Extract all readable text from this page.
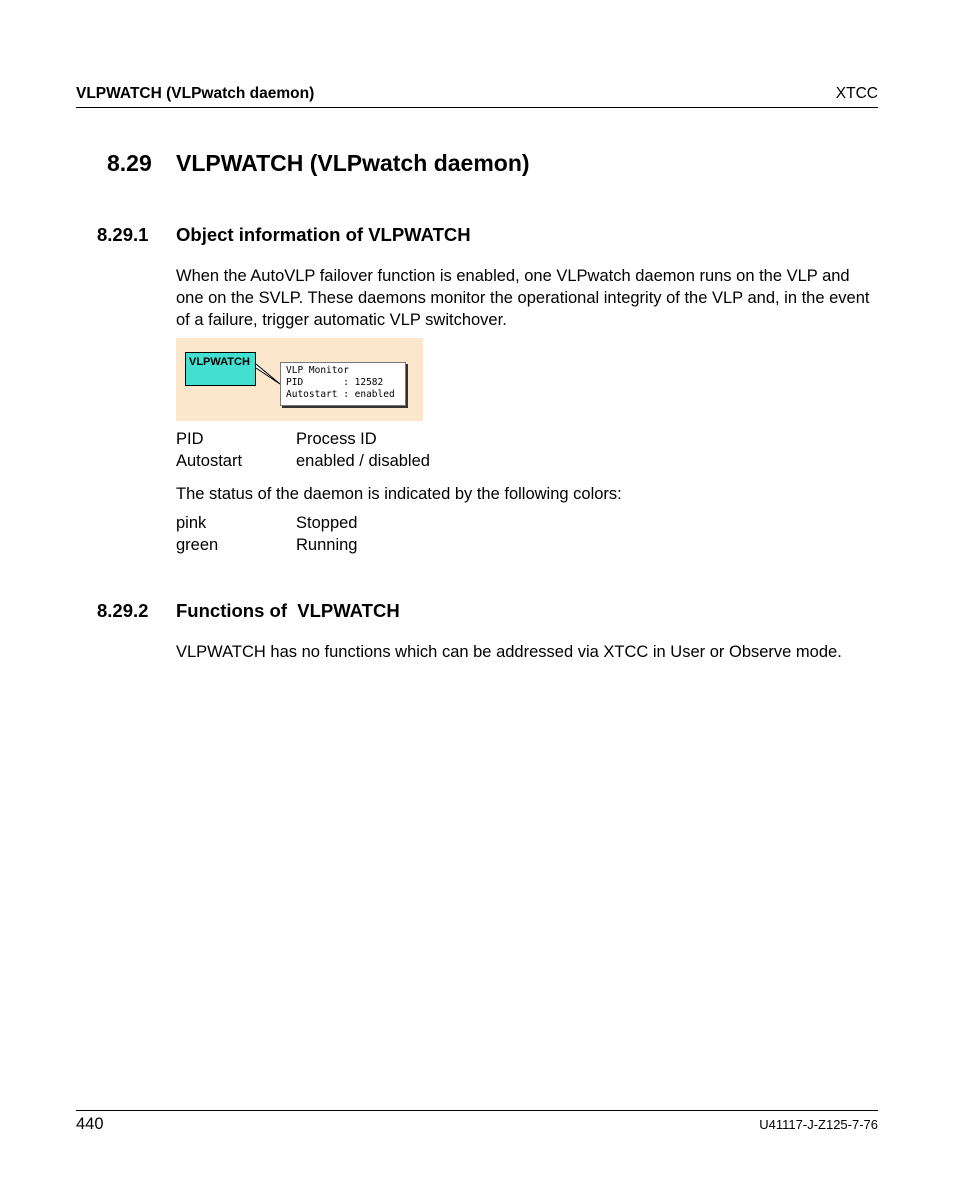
VLPWATCH (VLPwatch daemon)	XTCC
8.29 VLPWATCH (VLPwatch daemon)
8.29.1 Object information of VLPWATCH
When the AutoVLP failover function is enabled, one VLPwatch daemon runs on the VLP and one on the SVLP. These daemons monitor the operational integrity of the VLP and, in the event of a failure, trigger automatic VLP switchover.
VLPWATCH
VLP Monitor
PID       : 12582
Autostart : enabled
PID	Process ID
Autostart	enabled / disabled
The status of the daemon is indicated by the following colors:
pink	Stopped
green	Running
8.29.2 Functions of  VLPWATCH
VLPWATCH has no functions which can be addressed via XTCC in User or Observe mode.
440	U41117-J-Z125-7-76
